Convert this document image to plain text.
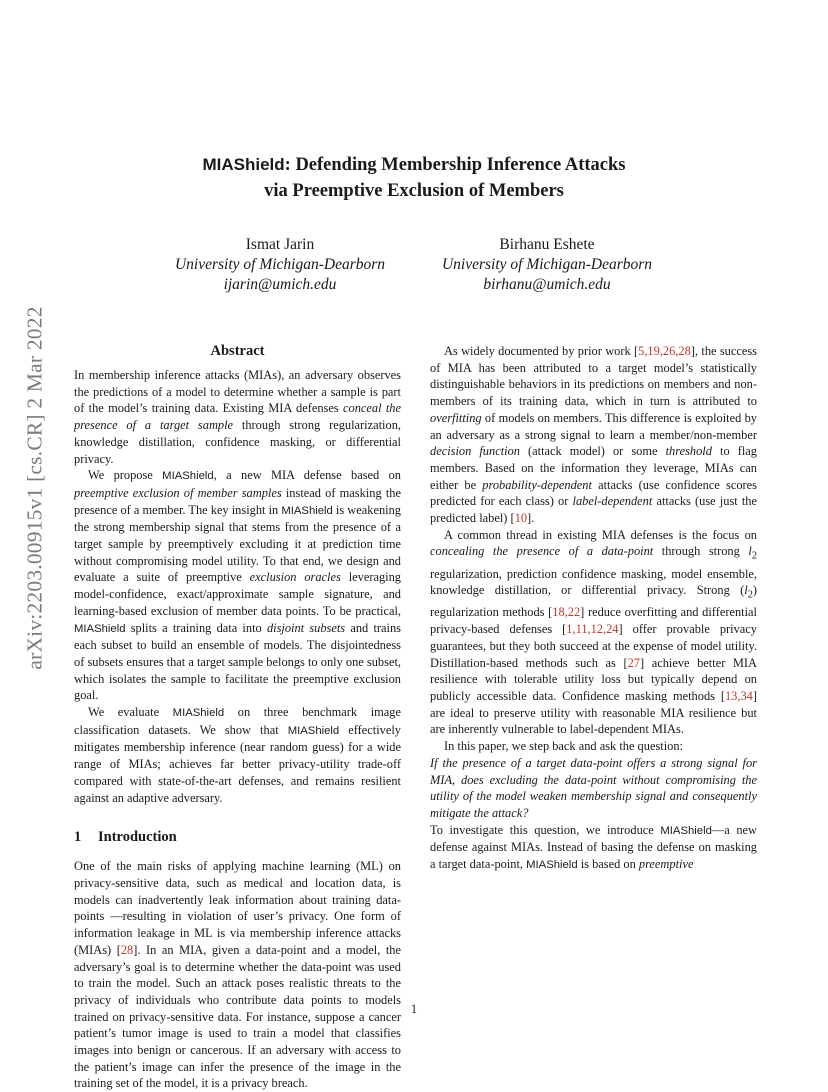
arXiv:2203.00915v1 [cs.CR] 2 Mar 2022
MIAShield: Defending Membership Inference Attacks
via Preemptive Exclusion of Members
Ismat Jarin
University of Michigan-Dearborn
ijarin@umich.edu
Birhanu Eshete
University of Michigan-Dearborn
birhanu@umich.edu
Abstract

In membership inference attacks (MIAs), an adversary observes the predictions of a model to determine whether a sample is part of the model’s training data. Existing MIA defenses conceal the presence of a target sample through strong regularization, knowledge distillation, confidence masking, or differential privacy.

We propose MIAShield, a new MIA defense based on preemptive exclusion of member samples instead of masking the presence of a member. The key insight in MIAShield is weakening the strong membership signal that stems from the presence of a target sample by preemptively excluding it at prediction time without compromising model utility. To that end, we design and evaluate a suite of preemptive exclusion oracles leveraging model-confidence, exact/approximate sample signature, and learning-based exclusion of member data points. To be practical, MIAShield splits a training data into disjoint subsets and trains each subset to build an ensemble of models. The disjointedness of subsets ensures that a target sample belongs to only one subset, which isolates the sample to facilitate the preemptive exclusion goal.

We evaluate MIAShield on three benchmark image classification datasets. We show that MIAShield effectively mitigates membership inference (near random guess) for a wide range of MIAs; achieves far better privacy-utility trade-off compared with state-of-the-art defenses, and remains resilient against an adaptive adversary.

1 Introduction

One of the main risks of applying machine learning (ML) on privacy-sensitive data, such as medical and location data, is models can inadvertently leak information about training data-points —resulting in violation of user’s privacy. One form of information leakage in ML is via membership inference attacks (MIAs) [28]. In an MIA, given a data-point and a model, the adversary’s goal is to determine whether the data-point was used to train the model. Such an attack poses realistic threats to the privacy of individuals who contribute data points to models trained on privacy-sensitive data. For instance, suppose a cancer patient’s tumor image is used to train a model that classifies images into benign or cancerous. If an adversary with access to the patient’s image can infer the presence of the image in the training set of the model, it is a privacy breach.

As widely documented by prior work [5,19,26,28], the success of MIA has been attributed to a target model’s statistically distinguishable behaviors in its predictions on members and non-members of its training data, which in turn is attributed to overfitting of models on members. This difference is exploited by an adversary as a strong signal to learn a member/non-member decision function (attack model) or some threshold to flag members. Based on the information they leverage, MIAs can either be probability-dependent attacks (use confidence scores predicted for each class) or label-dependent attacks (use just the predicted label) [10].

A common thread in existing MIA defenses is the focus on concealing the presence of a data-point through strong $l_2$ regularization, prediction confidence masking, model ensemble, knowledge distillation, or differential privacy. Strong $(l_2)$ regularization methods [18,22] reduce overfitting and differential privacy-based defenses [1,11,12,24] offer provable privacy guarantees, but they both succeed at the expense of model utility. Distillation-based methods such as [27] achieve better MIA resilience with tolerable utility loss but typically depend on publicly accessible data. Confidence masking methods [13,34] are ideal to preserve utility with reasonable MIA resilience but are inherently vulnerable to label-dependent MIAs.

In this paper, we step back and ask the question:

If the presence of a target data-point offers a strong signal for MIA, does excluding the data-point without compromising the utility of the model weaken membership signal and consequently mitigate the attack?

To investigate this question, we introduce MIAShield—a new defense against MIAs. Instead of basing the defense on masking a target data-point, MIAShield is based on preemptive

1
